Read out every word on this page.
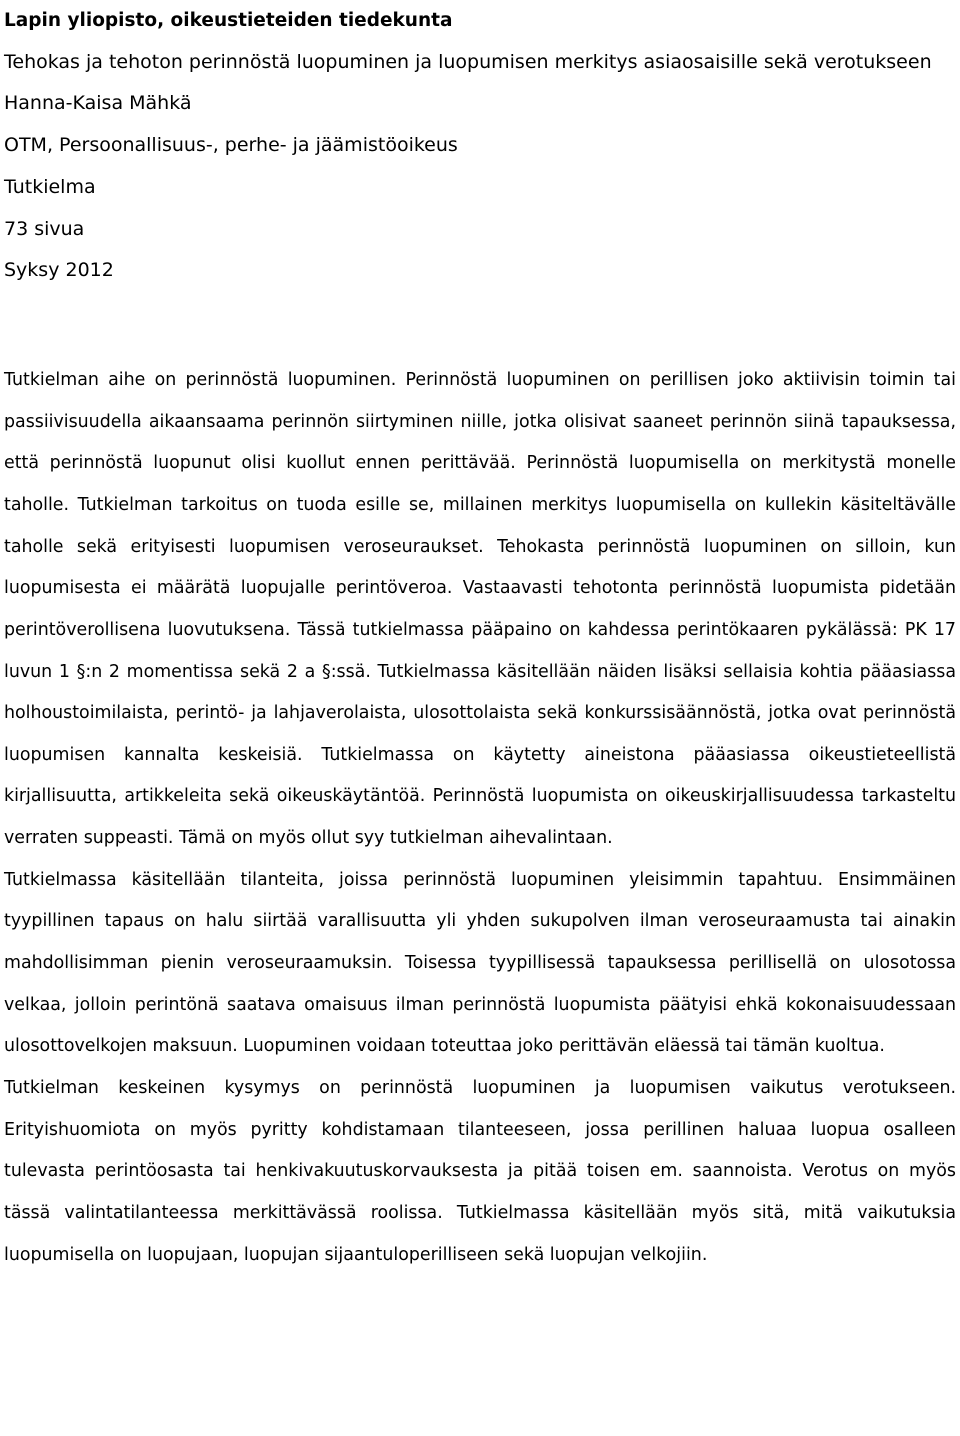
Lapin yliopisto, oikeustieteiden tiedekunta
Tehokas ja tehoton perinnöstä luopuminen ja luopumisen merkitys asiaosaisille sekä verotukseen
Hanna-Kaisa Mähkä
OTM, Persoonallisuus-, perhe- ja jäämistöoikeus
Tutkielma
73 sivua
Syksy 2012

Tutkielman aihe on perinnöstä luopuminen. Perinnöstä luopuminen on perillisen joko aktiivisin toimin tai passiivisuudella aikaansaama perinnön siirtyminen niille, jotka olisivat saaneet perinnön siinä tapauksessa, että perinnöstä luopunut olisi kuollut ennen perittävää. Perinnöstä luopumisella on merkitystä monelle taholle. Tutkielman tarkoitus on tuoda esille se, millainen merkitys luopumisella on kullekin käsiteltävälle taholle sekä erityisesti luopumisen veroseuraukset. Tehokasta perinnöstä luopuminen on silloin, kun luopumisesta ei määrätä luopujalle perintöveroa. Vastaavasti tehotonta perinnöstä luopumista pidetään perintöverollisena luovutuksena. Tässä tutkielmassa pääpaino on kahdessa perintökaaren pykälässä: PK 17 luvun 1 §:n 2 momentissa sekä 2 a §:ssä. Tutkielmassa käsitellään näiden lisäksi sellaisia kohtia pääasiassa holhoustoimilaista, perintö- ja lahjaverolaista, ulosottolaista sekä konkurssisäännöstä, jotka ovat perinnöstä luopumisen kannalta keskeisiä. Tutkielmassa on käytetty aineistona pääasiassa oikeustieteellistä kirjallisuutta, artikkeleita sekä oikeuskäytäntöä. Perinnöstä luopumista on oikeuskirjallisuudessa tarkasteltu verraten suppeasti. Tämä on myös ollut syy tutkielman aihevalintaan.

Tutkielmassa käsitellään tilanteita, joissa perinnöstä luopuminen yleisimmin tapahtuu. Ensimmäinen tyypillinen tapaus on halu siirtää varallisuutta yli yhden sukupolven ilman veroseuraamusta tai ainakin mahdollisimman pienin veroseuraamuksin. Toisessa tyypillisessä tapauksessa perillisellä on ulosotossa velkaa, jolloin perintönä saatava omaisuus ilman perinnöstä luopumista päätyisi ehkä kokonaisuudessaan ulosottovelkojen maksuun. Luopuminen voidaan toteuttaa joko perittävän eläessä tai tämän kuoltua.

Tutkielman keskeinen kysymys on perinnöstä luopuminen ja luopumisen vaikutus verotukseen. Erityishuomiota on myös pyritty kohdistamaan tilanteeseen, jossa perillinen haluaa luopua osalleen tulevasta perintöosasta tai henkivakuutuskorvauksesta ja pitää toisen em. saannoista. Verotus on myös tässä valintatilanteessa merkittävässä roolissa. Tutkielmassa käsitellään myös sitä, mitä vaikutuksia luopumisella on luopujaan, luopujan sijaantuloperilliseen sekä luopujan velkojiin.
